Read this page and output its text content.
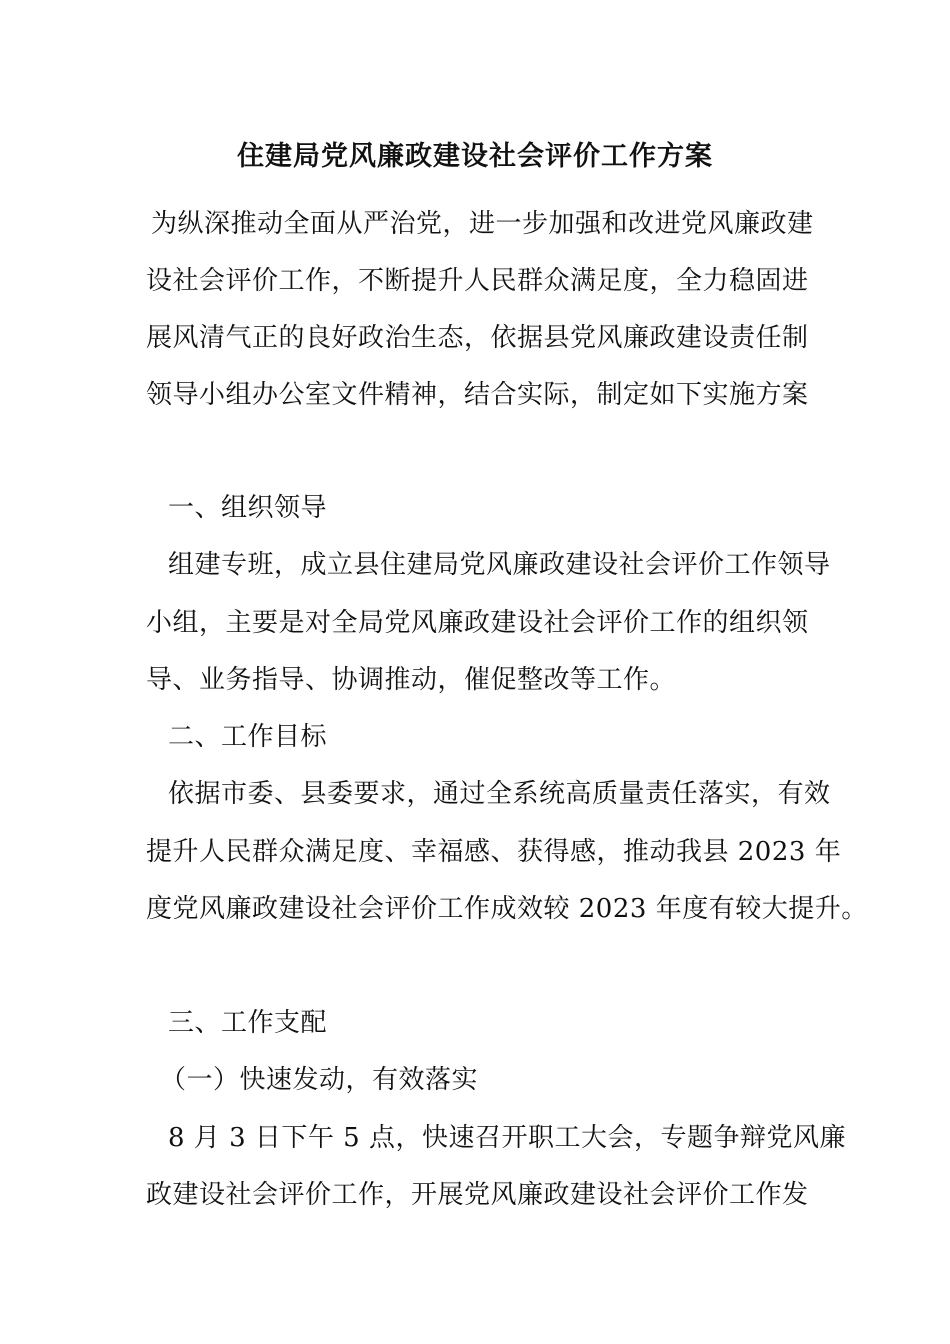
住建局党风廉政建设社会评价工作方案
为纵深推动全面从严治党，进一步加强和改进党风廉政建
设社会评价工作，不断提升人民群众满足度，全力稳固进
展风清气正的良好政治生态，依据县党风廉政建设责任制
领导小组办公室文件精神，结合实际，制定如下实施方案
一、组织领导
组建专班，成立县住建局党风廉政建设社会评价工作领导
小组，主要是对全局党风廉政建设社会评价工作的组织领
导、业务指导、协调推动，催促整改等工作。
二、工作目标
依据市委、县委要求，通过全系统高质量责任落实，有效
提升人民群众满足度、幸福感、获得感，推动我县 2023 年
度党风廉政建设社会评价工作成效较 2023 年度有较大提升。
三、工作支配
（一）快速发动，有效落实
8 月 3 日下午 5 点，快速召开职工大会，专题争辩党风廉
政建设社会评价工作，开展党风廉政建设社会评价工作发
